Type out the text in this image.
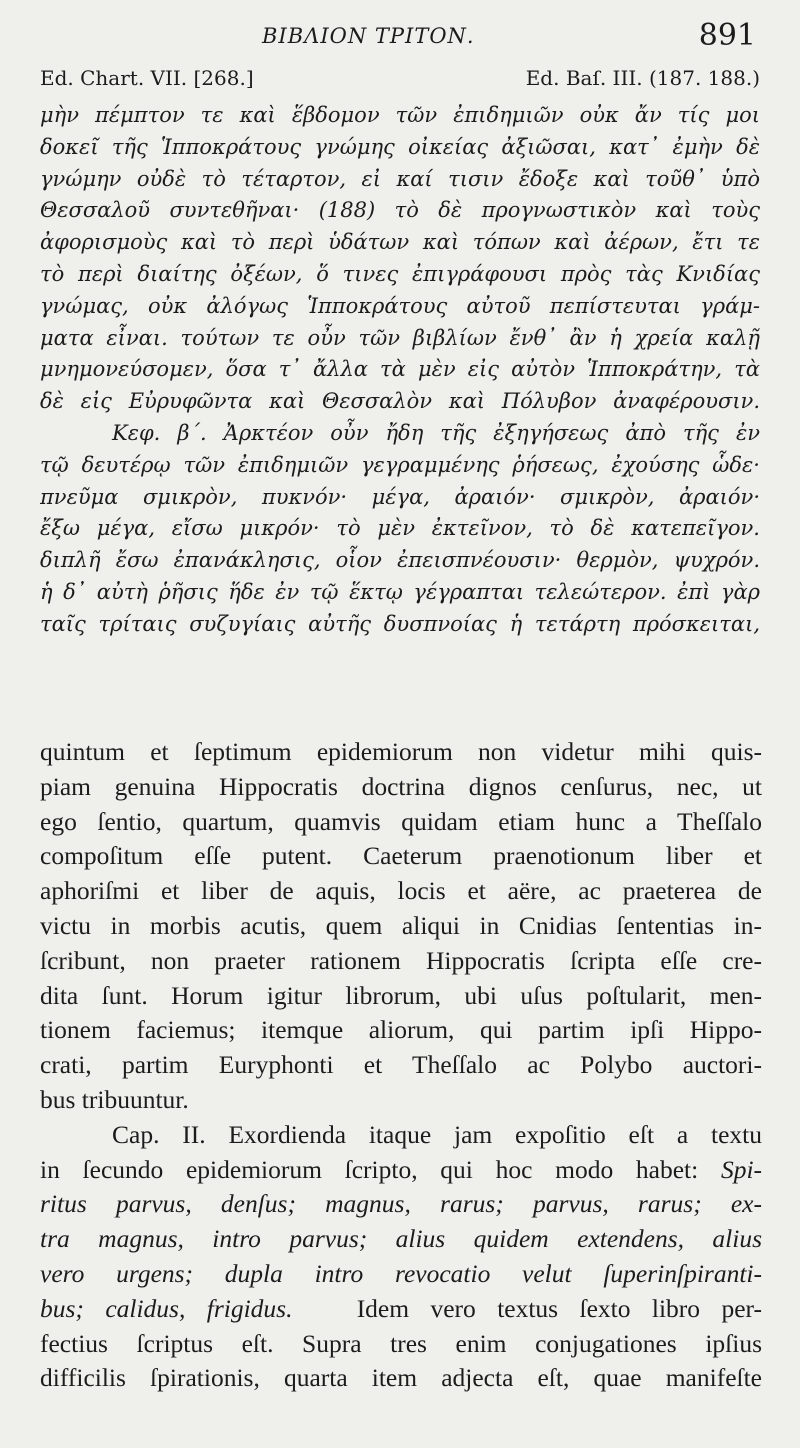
ΒΙΒΛΙΟΝ ΤΡΙΤΟΝ.	891
Ed. Chart. VII. [268.]	Ed. Baſ. III. (187. 188.)
μὴν πέμπτον τε καὶ ἕβδομον τῶν ἐπιδημιῶν οὐκ ἄν τίς μοι
δοκεῖ τῆς Ἱπποκράτους γνώμης οἰκείας ἀξιῶσαι, κατ᾽ ἐμὴν δὲ
γνώμην οὐδὲ τὸ τέταρτον, εἰ καί τισιν ἔδοξε καὶ τοῦθ᾽ ὑπὸ
Θεσσαλοῦ συντεθῆναι· (188) τὸ δὲ προγνωστικὸν καὶ τοὺς
ἀφορισμοὺς καὶ τὸ περὶ ὑδάτων καὶ τόπων καὶ ἀέρων, ἔτι τε
τὸ περὶ διαίτης ὀξέων, ὅ τινες ἐπιγράφουσι πρὸς τὰς Κνιδίας
γνώμας, οὐκ ἀλόγως Ἱπποκράτους αὐτοῦ πεπίστευται γράμ-
ματα εἶναι. τούτων τε οὖν τῶν βιβλίων ἔνθ᾽ ἂν ἡ χρεία καλῇ
μνημονεύσομεν, ὅσα τ᾽ ἄλλα τὰ μὲν εἰς αὐτὸν Ἱπποκράτην, τὰ
δὲ εἰς Εὐρυφῶντα καὶ Θεσσαλὸν καὶ Πόλυβον ἀναφέρουσιν.
Κεφ. β΄. Ἀρκτέον οὖν ἤδη τῆς ἐξηγήσεως ἀπὸ τῆς ἐν
τῷ δευτέρῳ τῶν ἐπιδημιῶν γεγραμμένης ῥήσεως, ἐχούσης ὧδε·
πνεῦμα σμικρὸν, πυκνόν· μέγα, ἀραιόν· σμικρὸν, ἀραιόν·
ἔξω μέγα, εἴσω μικρόν· τὸ μὲν ἐκτεῖνον, τὸ δὲ κατεπεῖγον.
διπλῆ ἔσω ἐπανάκλησις, οἷον ἐπεισπνέουσιν· θερμὸν, ψυχρόν.
ἡ δ᾽ αὐτὴ ῥῆσις ἥδε ἐν τῷ ἕκτῳ γέγραπται τελεώτερον. ἐπὶ γὰρ
ταῖς τρίταις συζυγίαις αὐτῆς δυσπνοίας ἡ τετάρτη πρόσκειται,
quintum et ſeptimum epidemiorum non videtur mihi quis-
piam genuina Hippocratis doctrina dignos cenſurus, nec, ut
ego ſentio, quartum, quamvis quidam etiam hunc a Theſſalo
compoſitum eſſe putent. Caeterum praenotionum liber et
aphoriſmi et liber de aquis, locis et aëre, ac praeterea de
victu in morbis acutis, quem aliqui in Cnidias ſententias in-
ſcribunt, non praeter rationem Hippocratis ſcripta eſſe cre-
dita ſunt. Horum igitur librorum, ubi uſus poſtularit, men-
tionem faciemus; itemque aliorum, qui partim ipſi Hippo-
crati, partim Euryphonti et Theſſalo ac Polybo auctori-
bus tribuuntur.
Cap. II. Exordienda itaque jam expoſitio eſt a textu
in ſecundo epidemiorum ſcripto, qui hoc modo habet: Spi-
ritus parvus, denſus; magnus, rarus; parvus, rarus; ex-
tra magnus, intro parvus; alius quidem extendens, alius
vero urgens; dupla intro revocatio velut ſuperinſpiranti-
bus; calidus, frigidus.	Idem vero textus ſexto libro per-
fectius ſcriptus eſt. Supra tres enim conjugationes ipſius
difficilis ſpirationis, quarta item adjecta eſt, quae manifeſte
